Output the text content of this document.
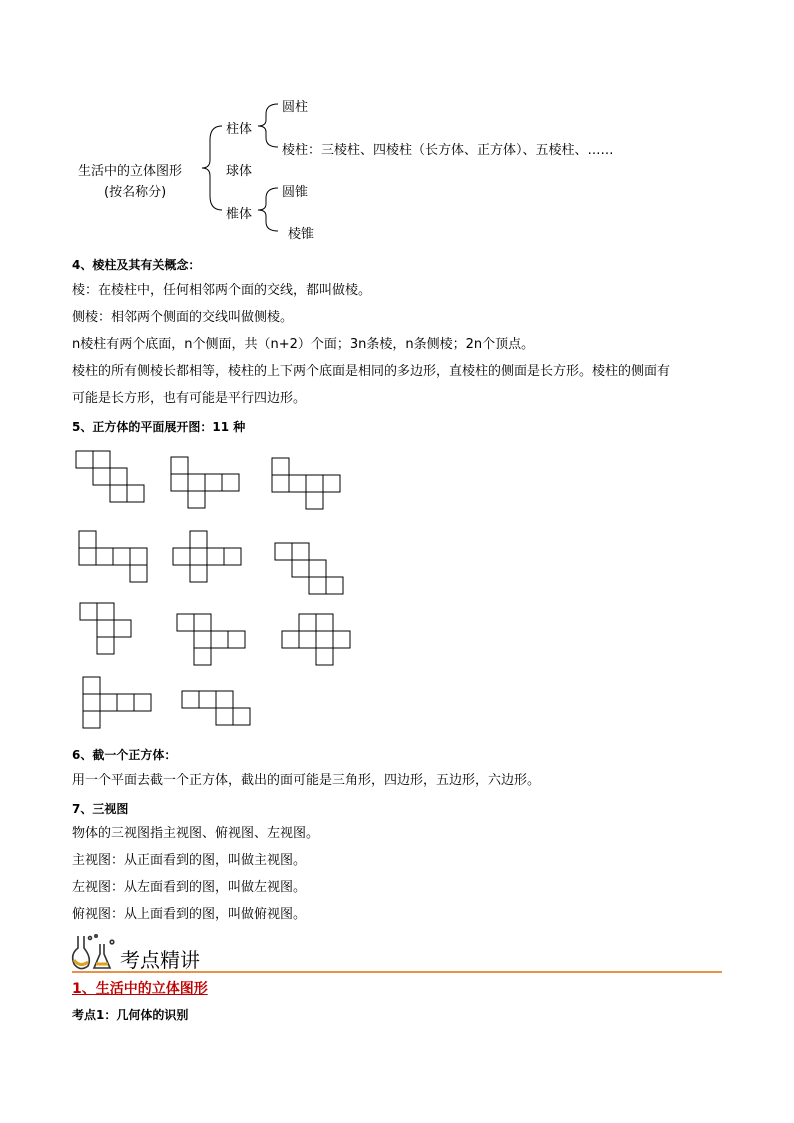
生活中的立体图形
(按名称分)
柱体
球体
椎体
圆柱
棱柱：三棱柱、四棱柱（长方体、正方体）、五棱柱、……
圆锥
棱锥
4、棱柱及其有关概念：
棱：在棱柱中，任何相邻两个面的交线，都叫做棱。
侧棱：相邻两个侧面的交线叫做侧棱。
n棱柱有两个底面，n个侧面，共（n+2）个面；3n条棱，n条侧棱；2n个顶点。
棱柱的所有侧棱长都相等，棱柱的上下两个底面是相同的多边形，直棱柱的侧面是长方形。棱柱的侧面有
可能是长方形，也有可能是平行四边形。
5、正方体的平面展开图：11 种
6、截一个正方体：
用一个平面去截一个正方体，截出的面可能是三角形，四边形，五边形，六边形。
7、三视图
物体的三视图指主视图、俯视图、左视图。
主视图：从正面看到的图，叫做主视图。
左视图：从左面看到的图，叫做左视图。
俯视图：从上面看到的图，叫做俯视图。
考点精讲
1、生活中的立体图形
考点1：几何体的识别
